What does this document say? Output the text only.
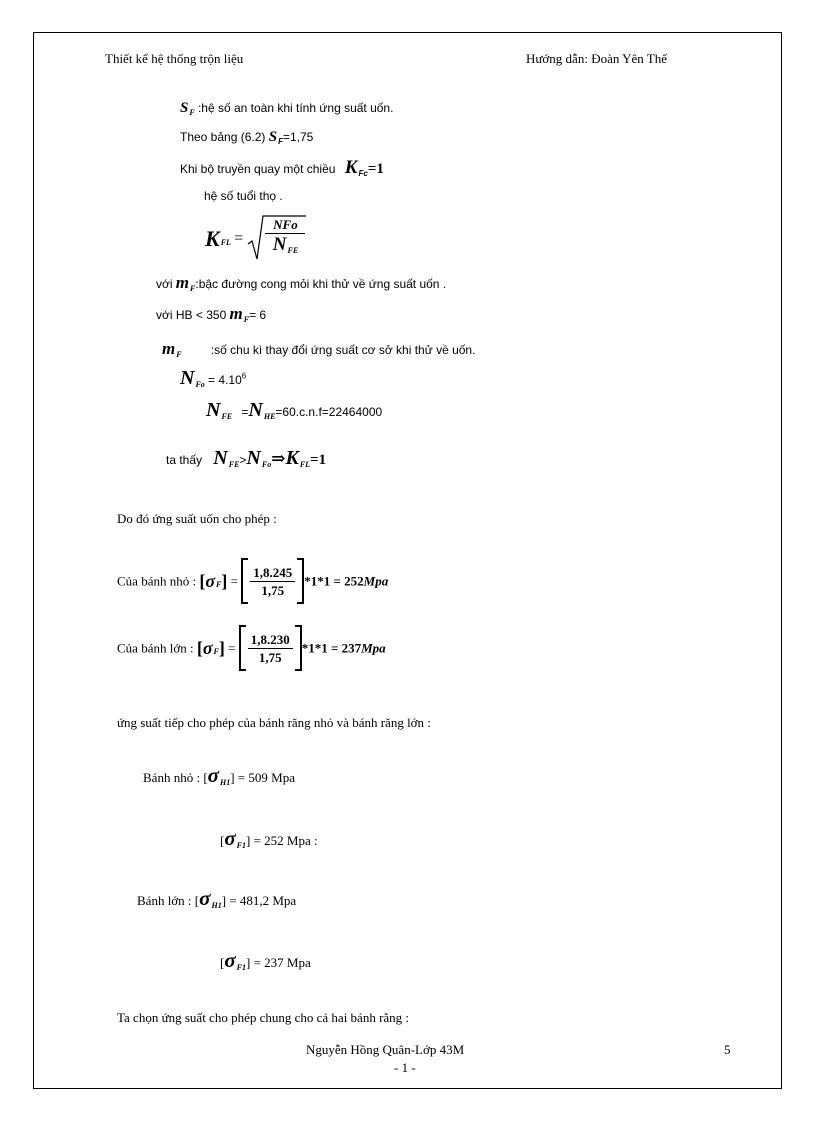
Thiết kế hệ thống trộn liệu	Hướng dẫn: Đoàn Yên Thế
$S_F$ :hệ số an toàn khi tính ứng suất uốn.
Theo bảng (6.2) $S_F=1,75$
Khi bộ truyền quay một chiều $K_{Fc}=1$
hệ số tuổi thọ .
$K_{FL}$ =
NFo
$N_{FE}$
với $m_F:bậc$ đường cong mỏi khi thử về ứng suất uốn .
với HB < 350 $m_F= 6$
$m_F$ :số chu kì thay đổi ứng suất cơ sở khi thử về uốn.
$N_{Fo} = 4.10^6$
$N_{FE} =N_{HE}=60.c.n.f=22464000$
ta thấy $N_{FE}>N_{Fo}\Rightarrow K_{FL}=1$
Do đó ứng suất uốn cho phép :
Của bánh nhỏ : $[\sigma_F] = \frac{1,8.245}{1,75} *1*1 = 252Mpa$
Của bánh lớn : $[\sigma_F] = \frac{1,8.230}{1,75} *1*1 = 237Mpa$
ứng suất tiếp cho phép của bánh răng nhỏ và bánh răng lớn :
Bánh nhỏ : $[\sigma_{H1}] = 509$ Mpa
$[\sigma_{F1}] = 252$ Mpa :
Bánh lớn : $[\sigma_{H1}] = 481,2$ Mpa
$[\sigma_{F1}] = 237$ Mpa
Ta chọn ứng suất cho phép chung cho cả hai bánh rằng :
Nguyễn Hồng Quân-Lớp 43M
- 1 -
5
